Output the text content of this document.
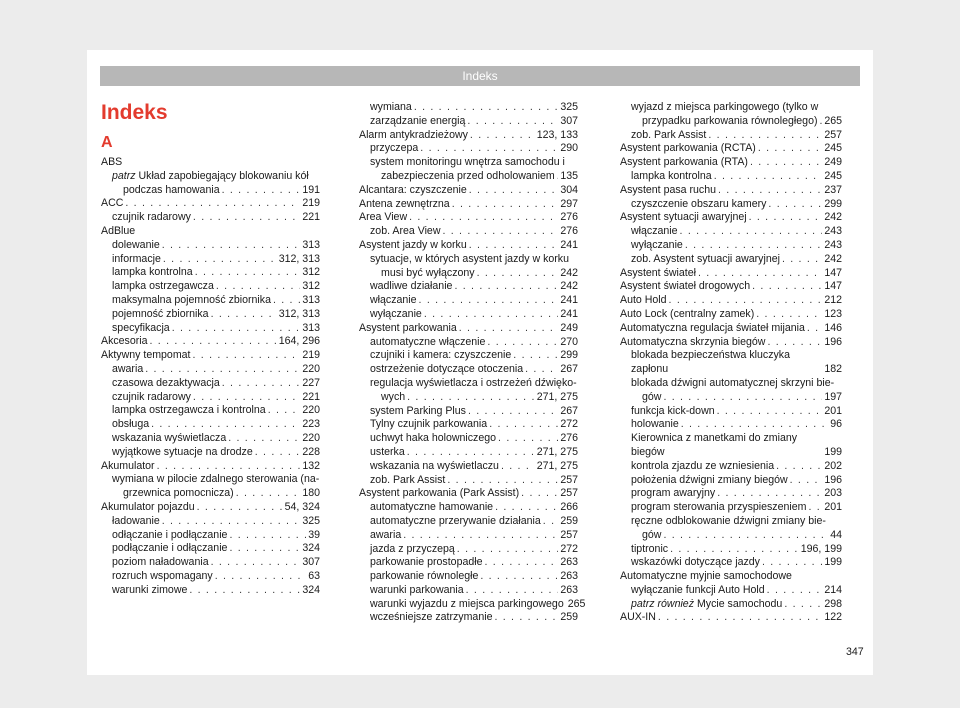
Indeks
Indeks
A
ABS
patrz Układ zapobiegający blokowaniu kół
podczas hamowania . . .	191
ACC . . .	219
czujnik radarowy . . .	221
AdBlue
dolewanie . . .	313
informacje . . .	312, 313
lampka kontrolna . . .	312
lampka ostrzegawcza . . .	312
maksymalna pojemność zbiornika . . .	313
pojemność zbiornika . . .	312, 313
specyfikacja . . .	313
Akcesoria . . .	164, 296
Aktywny tempomat . . .	219
awaria . . .	220
czasowa dezaktywacja . . .	227
czujnik radarowy . . .	221
lampka ostrzegawcza i kontrolna . . .	220
obsługa . . .	223
wskazania wyświetlacza . . .	220
wyjątkowe sytuacje na drodze . . .	228
Akumulator . . .	132
wymiana w pilocie zdalnego sterowania (na-
grzewnica pomocnicza) . . .	180
Akumulator pojazdu . . .	54, 324
ładowanie . . .	325
odłączanie i podłączanie . . .	39
podłączanie i odłączanie . . .	324
poziom naładowania . . .	307
rozruch wspomagany . . .	63
warunki zimowe . . .	324
wymiana . . .	325
zarządzanie energią . . .	307
Alarm antykradzieżowy . . .	123, 133
przyczepa . . .	290
system monitoringu wnętrza samochodu i
zabezpieczenia przed odholowaniem . . . 135
Alcantara: czyszczenie . . .	304
Antena zewnętrzna . . .	297
Area View . . .	276
zob. Area View . . .	276
Asystent jazdy w korku . . .	241
sytuacje, w których asystent jazdy w korku
musi być wyłączony . . .	242
wadliwe działanie . . .	242
włączanie . . .	241
wyłączanie . . .	241
Asystent parkowania . . .	249
automatyczne włączenie . . .	270
czujniki i kamera: czyszczenie . . .	299
ostrzeżenie dotyczące otoczenia . . .	267
regulacja wyświetlacza i ostrzeżeń dźwięko-
wych . . .	271, 275
system Parking Plus . . .	267
Tylny czujnik parkowania . . .	272
uchwyt haka holowniczego . . .	276
usterka . . .	271, 275
wskazania na wyświetlaczu . . .	271, 275
zob. Park Assist . . .	257
Asystent parkowania (Park Assist) . . .	257
automatyczne hamowanie . . .	266
automatyczne przerywanie działania . . . 259
awaria . . .	257
jazda z przyczepą . . .	272
parkowanie prostopadłe . . .	263
parkowanie równoległe . . .	263
warunki parkowania . . .	263
warunki wyjazdu z miejsca parkingowego 265
wcześniejsze zatrzymanie . . .	259
wyjazd z miejsca parkingowego (tylko w
przypadku parkowania równoległego) . . . 265
zob. Park Assist . . .	257
Asystent parkowania (RCTA) . . .	245
Asystent parkowania (RTA) . . .	249
lampka kontrolna . . .	245
Asystent pasa ruchu . . .	237
czyszczenie obszaru kamery . . .	299
Asystent sytuacji awaryjnej . . .	242
włączanie . . .	243
wyłączanie . . .	243
zob. Asystent sytuacji awaryjnej . . .	242
Asystent świateł . . .	147
Asystent świateł drogowych . . .	147
Auto Hold . . .	212
Auto Lock (centralny zamek) . . .	123
Automatyczna regulacja świateł mijania . . . 146
Automatyczna skrzynia biegów . . .	196
blokada bezpieczeństwa kluczyka zapłonu	182
blokada dźwigni automatycznej skrzyni bie-
gów . . .	197
funkcja kick-down . . .	201
holowanie . . .	96
Kierownica z manetkami do zmiany biegów	199
kontrola zjazdu ze wzniesienia . . .	202
położenia dźwigni zmiany biegów . . .	196
program awaryjny . . .	203
program sterowania przyspieszeniem . . . 201
ręczne odblokowanie dźwigni zmiany bie-
gów . . .	44
tiptronic . . .	196, 199
wskazówki dotyczące jazdy . . .	199
Automatyczne myjnie samochodowe
wyłączanie funkcji Auto Hold . . .	214
patrz również Mycie samochodu . . .	298
AUX-IN . . .	122
347
